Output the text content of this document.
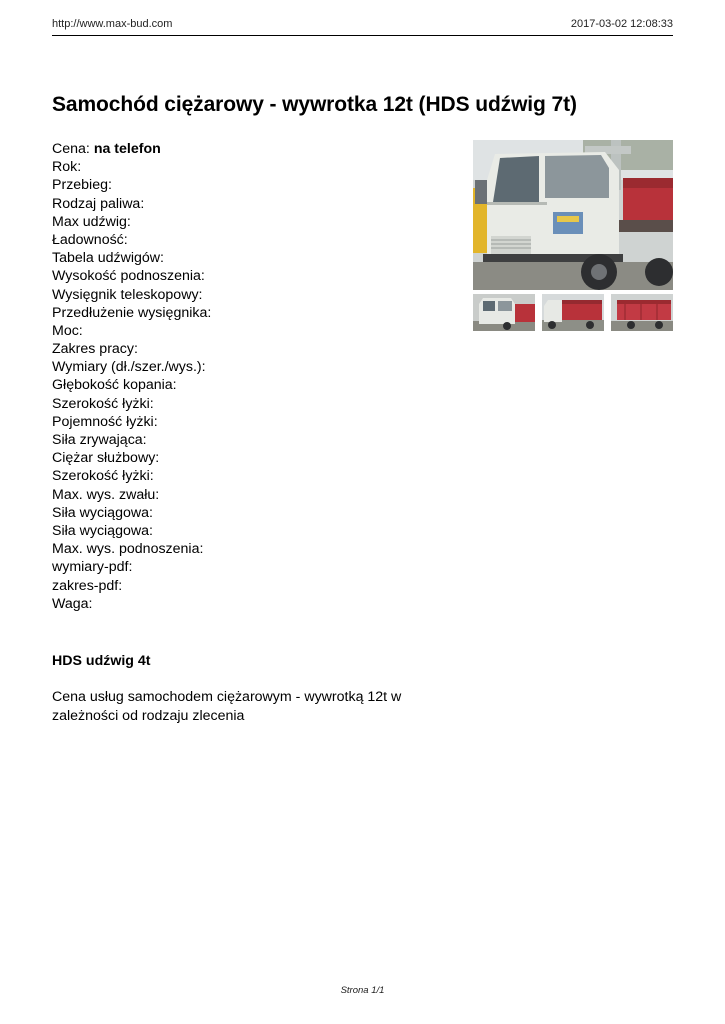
http://www.max-bud.com	2017-03-02 12:08:33
Samochód ciężarowy - wywrotka 12t (HDS udźwig 7t)
Cena: na telefon
Rok:
Przebieg:
Rodzaj paliwa:
Max udźwig:
Ładowność:
Tabela udźwigów:
Wysokość podnoszenia:
Wysięgnik teleskopowy:
Przedłużenie wysięgnika:
Moc:
Zakres pracy:
Wymiary (dł./szer./wys.):
Głębokość kopania:
Szerokość łyżki:
Pojemność łyżki:
Siła zrywająca:
Ciężar służbowy:
Szerokość łyżki:
Max. wys. zwału:
Siła wyciągowa:
Siła wyciągowa:
Max. wys. podnoszenia:
wymiary-pdf:
zakres-pdf:
Waga:
HDS udźwig 4t

Cena usług samochodem ciężarowym - wywrotką 12t w zależności od rodzaju zlecenia

Strona 1/1
